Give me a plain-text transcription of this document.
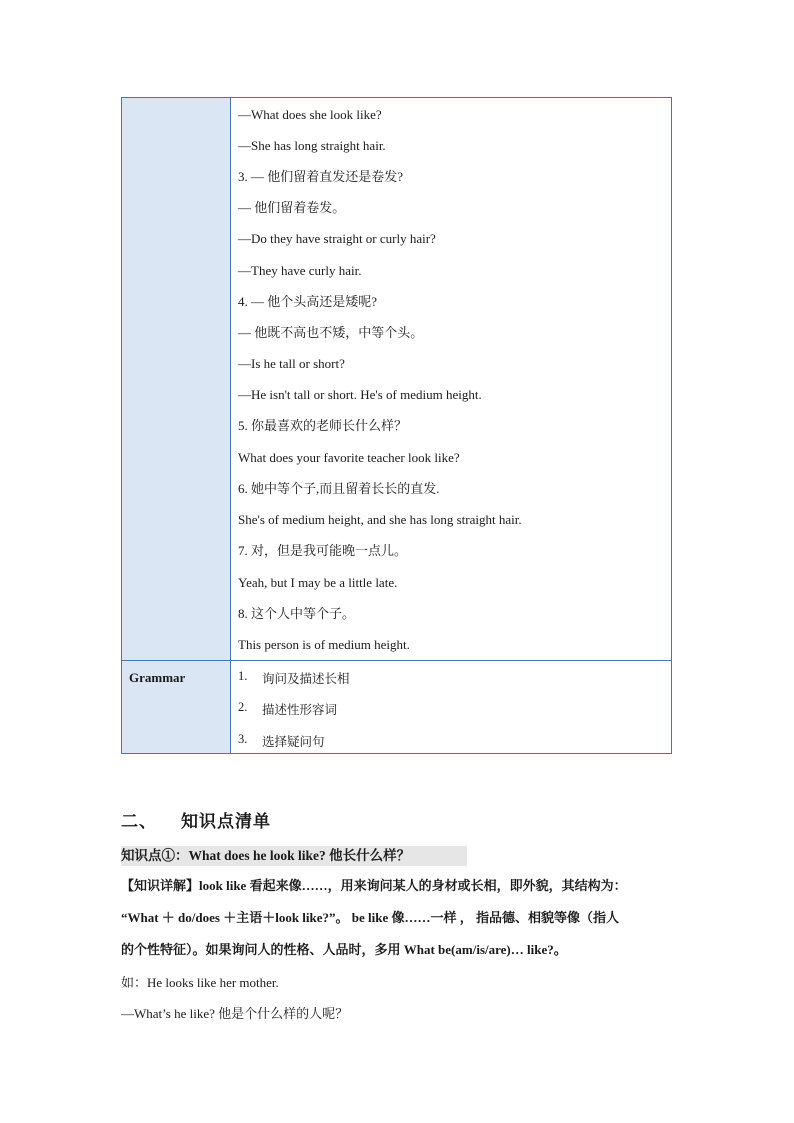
—What does she look like?
—She has long straight hair.
3. — 他们留着直发还是卷发?
— 他们留着卷发。
—Do they have straight or curly hair?
—They have curly hair.
4. — 他个头高还是矮呢?
— 他既不高也不矮，中等个头。
—Is he tall or short?
—He isn't tall or short. He's of medium height.
5. 你最喜欢的老师长什么样？
What does your favorite teacher look like?
6. 她中等个子,而且留着长长的直发.
She's of medium height, and she has long straight hair.
7. 对，但是我可能晚一点儿。
Yeah, but I may be a little late.
8. 这个人中等个子。
This person is of medium height.
Grammar	1. 询问及描述长相
2. 描述性形容词
3. 选择疑问句
二、 知识点清单
知识点①：What does he look like? 他长什么样？
【知识详解】look like 看起来像……，用来询问某人的身材或长相，即外貌，其结构为：
“What ＋ do/does ＋主语＋look like?”。 be like 像……一样 ， 指品德、相貌等像（指人
的个性特征）。如果询问人的性格、人品时，多用 What be(am/is/are)… like?。
如：He looks like her mother.
—What’s he like? 他是个什么样的人呢？
